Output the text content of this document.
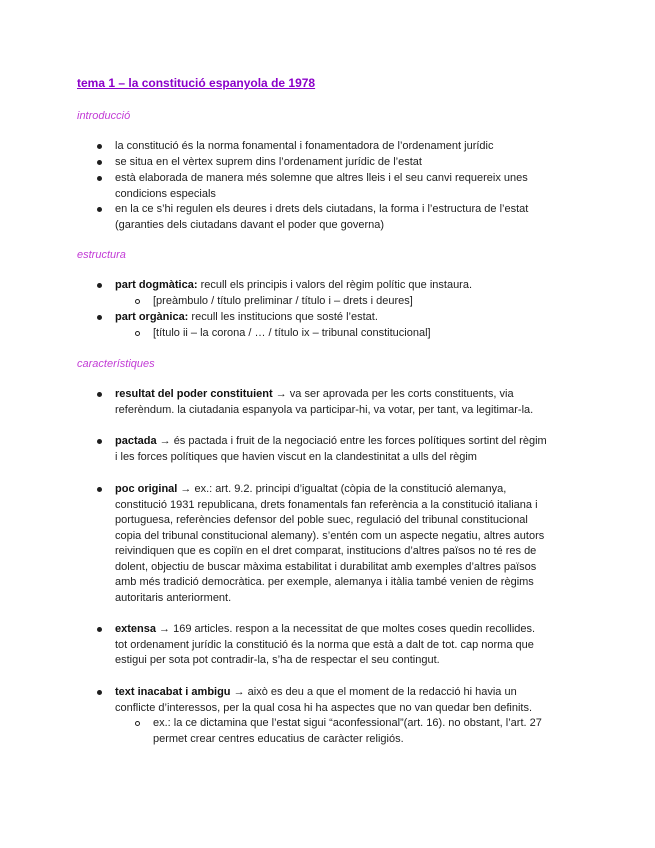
tema 1 – la constitució espanyola de 1978
introducció
la constitució és la norma fonamental i fonamentadora de l’ordenament jurídic
se situa en el vèrtex suprem dins l’ordenament jurídic de l’estat
està elaborada de manera més solemne que altres lleis i el seu canvi requereix unes
condicions especials
en la ce s’hi regulen els deures i drets dels ciutadans, la forma i l’estructura de l’estat
(garanties dels ciutadans davant el poder que governa)
estructura
part dogmàtica: recull els principis i valors del règim polític que instaura.
[preàmbulo / título preliminar / título i – drets i deures]
part orgànica: recull les institucions que sosté l’estat.
[título ii – la corona / … / título ix – tribunal constitucional]
característiques
resultat del poder constituient → va ser aprovada per les corts constituents, via
referèndum. la ciutadania espanyola va participar-hi, va votar, per tant, va legitimar-la.
pactada → és pactada i fruit de la negociació entre les forces polítiques sortint del règim
i les forces polítiques que havien viscut en la clandestinitat a ulls del règim
poc original → ex.: art. 9.2. principi d’igualtat (còpia de la constitució alemanya,
constitució 1931 republicana, drets fonamentals fan referència a la constitució italiana i
portuguesa, referències defensor del poble suec, regulació del tribunal constitucional
copia del tribunal constitucional alemany). s’entén com un aspecte negatiu, altres autors
reivindiquen que es copiïn en el dret comparat, institucions d’altres països no té res de
dolent, objectiu de buscar màxima estabilitat i durabilitat amb exemples d’altres països
amb més tradició democràtica. per exemple, alemanya i itàlia també venien de règims
autoritaris anteriorment.
extensa → 169 articles. respon a la necessitat de que moltes coses quedin recollides.
tot ordenament jurídic la constitució és la norma que està a dalt de tot. cap norma que
estigui per sota pot contradir-la, s’ha de respectar el seu contingut.
text inacabat i ambigu → això es deu a que el moment de la redacció hi havia un
conflicte d’interessos, per la qual cosa hi ha aspectes que no van quedar ben definits.
ex.: la ce dictamina que l’estat sigui “aconfessional”(art. 16). no obstant, l’art. 27
permet crear centres educatius de caràcter religiós.
